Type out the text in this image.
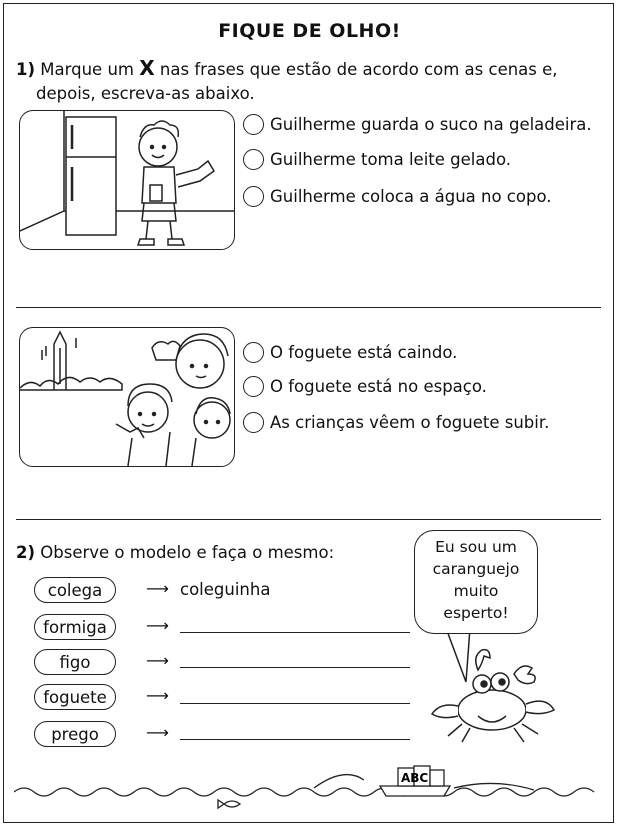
FIQUE DE OLHO!
1) Marque um X nas frases que estão de acordo com as cenas e,
depois, escreva-as abaixo.
Guilherme guarda o suco na geladeira.
Guilherme toma leite gelado.
Guilherme coloca a água no copo.
O foguete está caindo.
O foguete está no espaço.
As crianças vêem o foguete subir.
2) Observe o modelo e faça o mesmo:
colega	⟶ coleguinha
formiga	⟶
figo	⟶
foguete	⟶
prego	⟶
Eu sou um
caranguejo
muito
esperto!
ABC
